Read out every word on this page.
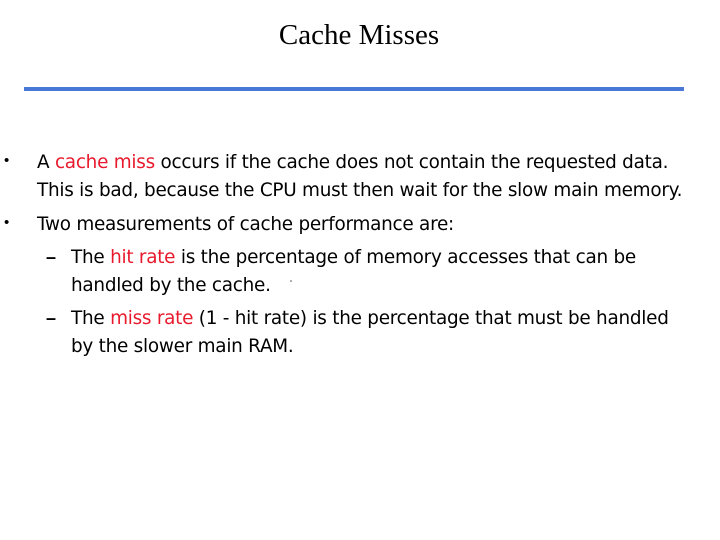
Cache Misses
• A cache miss occurs if the cache does not contain the requested data.
This is bad, because the CPU must then wait for the slow main memory.
• Two measurements of cache performance are:
– The hit rate is the percentage of memory accesses that can be
handled by the cache.
– The miss rate (1 - hit rate) is the percentage that must be handled
by the slower main RAM.
